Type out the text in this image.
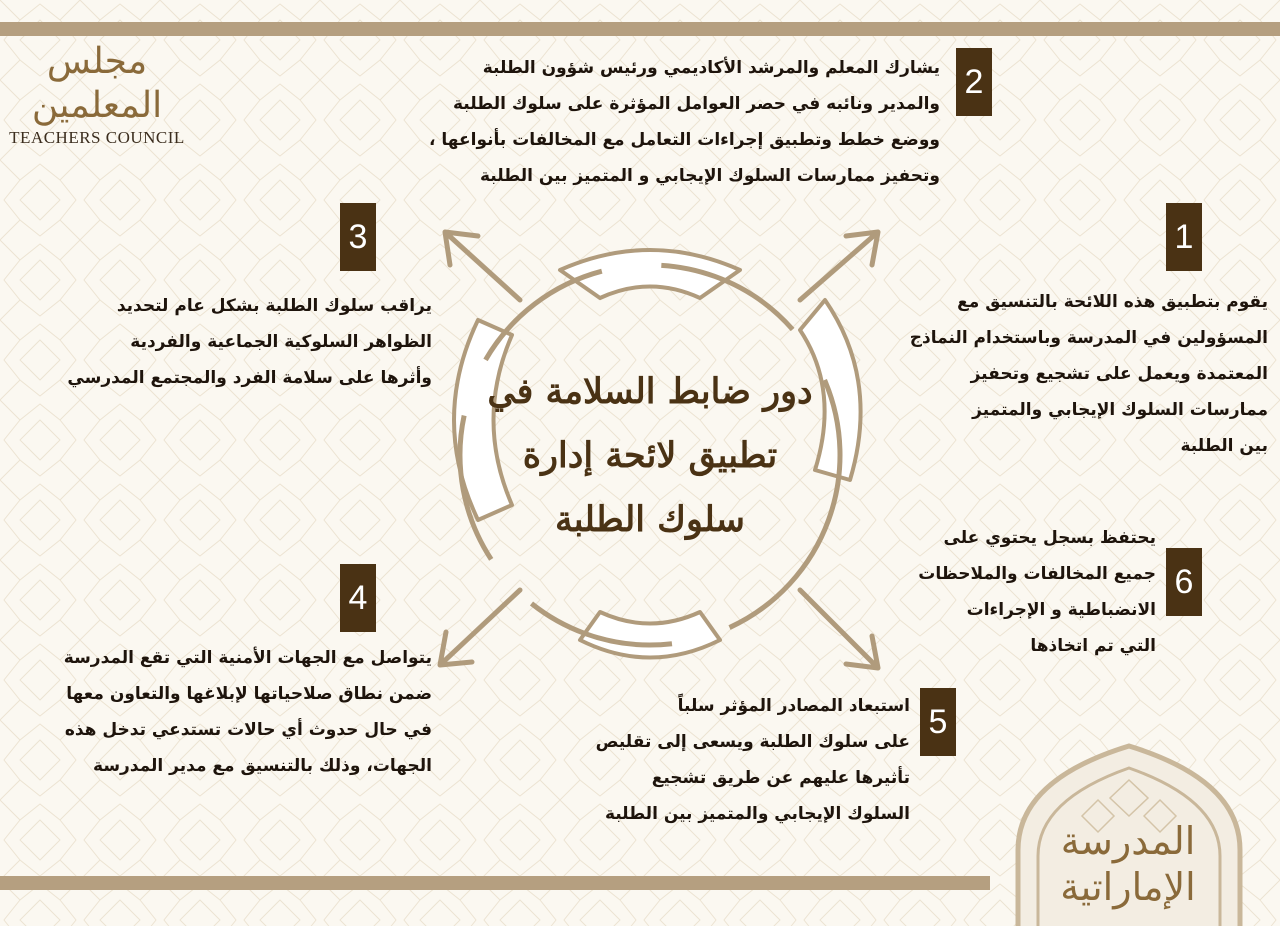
مجلس المعلمين
TEACHERS COUNCIL
دور ضابط السلامة في
تطبيق لائحة إدارة
سلوك الطلبة
2
يشارك المعلم والمرشد الأكاديمي ورئيس شؤون الطلبة
والمدير ونائبه في حصر العوامل المؤثرة على سلوك الطلبة
ووضع خطط وتطبيق إجراءات التعامل مع المخالفات بأنواعها ،
وتحفيز ممارسات السلوك الإيجابي و المتميز بين الطلبة
3
يراقب سلوك الطلبة بشكل عام لتحديد
الظواهر السلوكية الجماعية والفردية
وأثرها على سلامة الفرد والمجتمع المدرسي
1
يقوم بتطبيق هذه اللائحة بالتنسيق مع
المسؤولين في المدرسة وباستخدام النماذج
المعتمدة ويعمل على تشجيع وتحفيز
ممارسات السلوك الإيجابي والمتميز
بين الطلبة
6
يحتفظ بسجل يحتوي على
جميع المخالفات والملاحظات
الانضباطية و الإجراءات
التي تم اتخاذها
4
يتواصل مع الجهات الأمنية التي تقع المدرسة
ضمن نطاق صلاحياتها لإبلاغها والتعاون معها
في حال حدوث أي حالات تستدعي تدخل هذه
الجهات، وذلك بالتنسيق مع مدير المدرسة
5
استبعاد المصادر المؤثر سلباً
على سلوك الطلبة ويسعى إلى تقليص
تأثيرها عليهم عن طريق تشجيع
السلوك الإيجابي والمتميز بين الطلبة
المدرسة
الإماراتية
